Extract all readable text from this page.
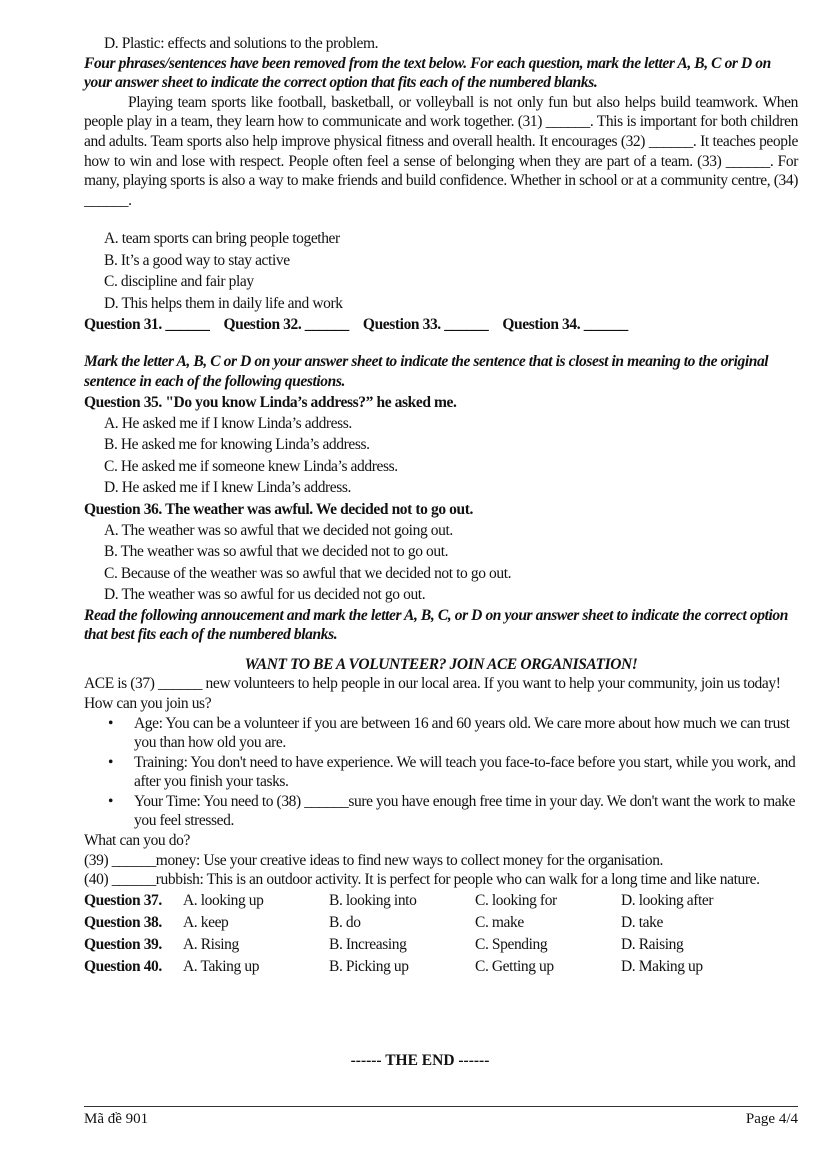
D. Plastic: effects and solutions to the problem.
Four phrases/sentences have been removed from the text below. For each question, mark the letter A, B, C or D on your answer sheet to indicate the correct option that fits each of the numbered blanks.
Playing team sports like football, basketball, or volleyball is not only fun but also helps build teamwork. When people play in a team, they learn how to communicate and work together. (31) ______. This is important for both children and adults. Team sports also help improve physical fitness and overall health. It encourages (32) ______. It teaches people how to win and lose with respect. People often feel a sense of belonging when they are part of a team. (33) ______. For many, playing sports is also a way to make friends and build confidence. Whether in school or at a community centre, (34) ______.
A. team sports can bring people together
B. It’s a good way to stay active
C. discipline and fair play
D. This helps them in daily life and work
Question 31. ______ Question 32. ______ Question 33. ______ Question 34. ______
Mark the letter A, B, C or D on your answer sheet to indicate the sentence that is closest in meaning to the original sentence in each of the following questions.
Question 35. "Do you know Linda’s address?” he asked me.
A. He asked me if I know Linda’s address.
B. He asked me for knowing Linda’s address.
C. He asked me if someone knew Linda’s address.
D. He asked me if I knew Linda’s address.
Question 36. The weather was awful. We decided not to go out.
A. The weather was so awful that we decided not going out.
B. The weather was so awful that we decided not to go out.
C. Because of the weather was so awful that we decided not to go out.
D. The weather was so awful for us decided not go out.
Read the following annoucement and mark the letter A, B, C, or D on your answer sheet to indicate the correct option that best fits each of the numbered blanks.
WANT TO BE A VOLUNTEER? JOIN ACE ORGANISATION!
ACE is (37) ______ new volunteers to help people in our local area. If you want to help your community, join us today!
How can you join us?
• Age: You can be a volunteer if you are between 16 and 60 years old. We care more about how much we can trust you than how old you are.
• Training: You don't need to have experience. We will teach you face-to-face before you start, while you work, and after you finish your tasks.
• Your Time: You need to (38) ______sure you have enough free time in your day. We don't want the work to make you feel stressed.
What can you do?
(39) ______money: Use your creative ideas to find new ways to collect money for the organisation.
(40) ______rubbish: This is an outdoor activity. It is perfect for people who can walk for a long time and like nature.
Question 37.	A. looking up	B. looking into	C. looking for	D. looking after
Question 38.	A. keep	B. do	C. make	D. take
Question 39.	A. Rising	B. Increasing	C. Spending	D. Raising
Question 40.	A. Taking up	B. Picking up	C. Getting up	D. Making up
------ THE END ------
Mã đề 901	Page 4/4
